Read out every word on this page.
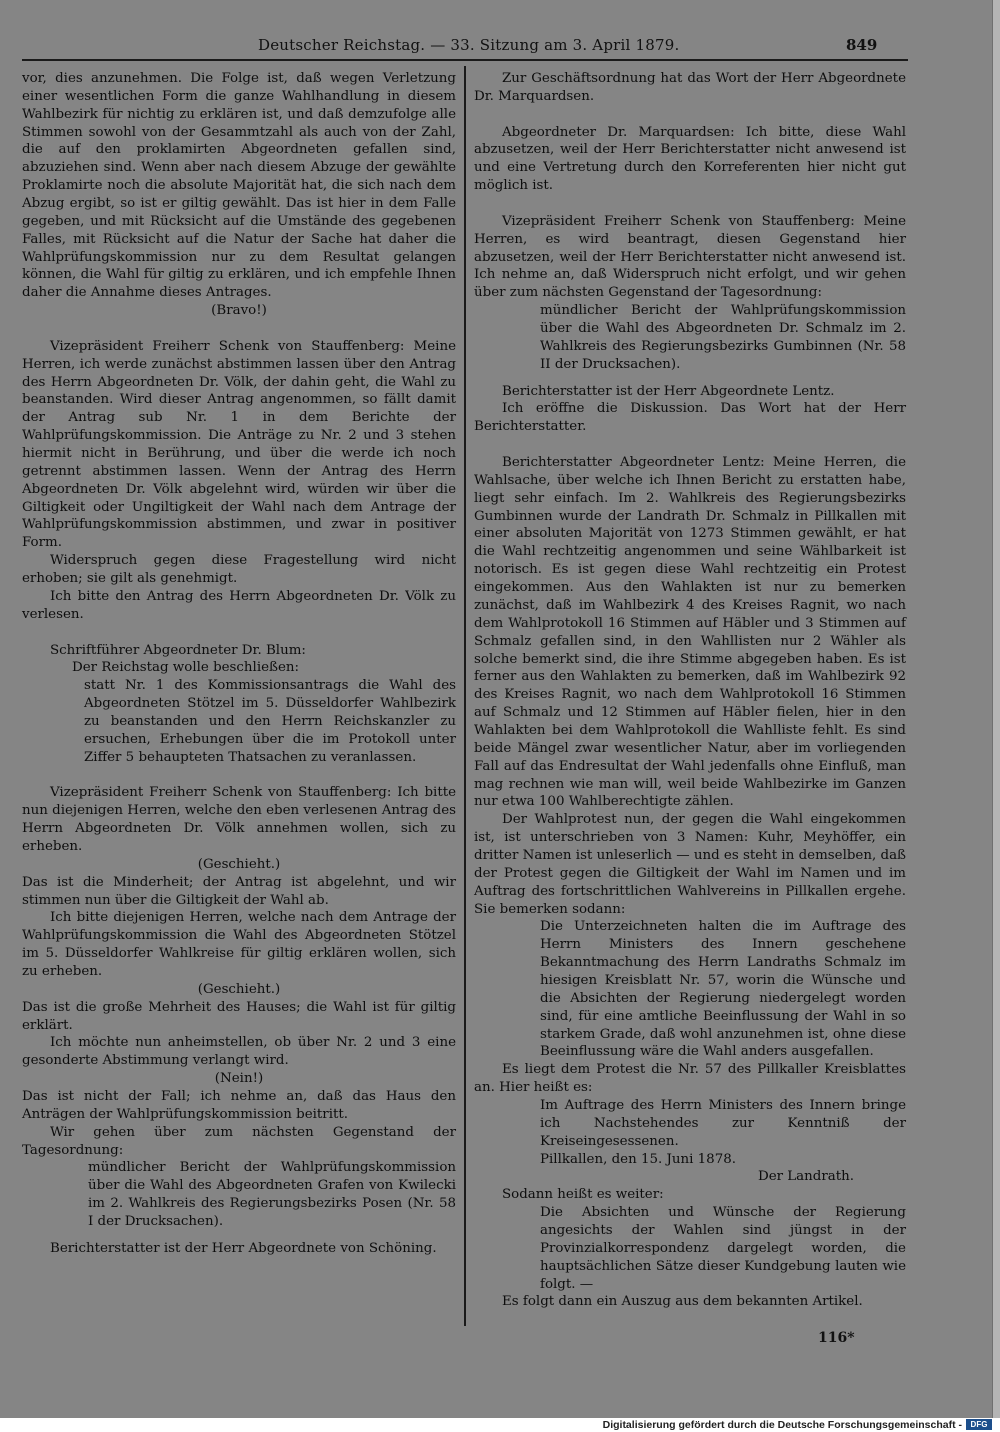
Deutscher Reichstag. — 33. Sitzung am 3. April 1879.	849

vor, dies anzunehmen. Die Folge ist, daß wegen Verletzung einer wesentlichen Form die ganze Wahlhandlung in diesem Wahlbezirk für nichtig zu erklären ist, und daß demzufolge alle Stimmen sowohl von der Gesammtzahl als auch von der Zahl, die auf den proklamirten Abgeordneten gefallen sind, abzuziehen sind. Wenn aber nach diesem Abzuge der gewählte Proklamirte noch die absolute Majorität hat, die sich nach dem Abzug ergibt, so ist er giltig gewählt. Das ist hier in dem Falle gegeben, und mit Rücksicht auf die Umstände des gegebenen Falles, mit Rücksicht auf die Natur der Sache hat daher die Wahlprüfungskommission nur zu dem Resultat gelangen können, die Wahl für giltig zu erklären, und ich empfehle Ihnen daher die Annahme dieses Antrages.

(Bravo!)

Vizepräsident Freiherr Schenk von Stauffenberg: Meine Herren, ich werde zunächst abstimmen lassen über den Antrag des Herrn Abgeordneten Dr. Völk, der dahin geht, die Wahl zu beanstanden. Wird dieser Antrag angenommen, so fällt damit der Antrag sub Nr. 1 in dem Berichte der Wahlprüfungskommission. Die Anträge zu Nr. 2 und 3 stehen hiermit nicht in Berührung, und über die werde ich noch getrennt abstimmen lassen. Wenn der Antrag des Herrn Abgeordneten Dr. Völk abgelehnt wird, würden wir über die Giltigkeit oder Ungiltigkeit der Wahl nach dem Antrage der Wahlprüfungskommission abstimmen, und zwar in positiver Form.

Widerspruch gegen diese Fragestellung wird nicht erhoben; sie gilt als genehmigt.

Ich bitte den Antrag des Herrn Abgeordneten Dr. Völk zu verlesen.

Schriftführer Abgeordneter Dr. Blum:

Der Reichstag wolle beschließen:

statt Nr. 1 des Kommissionsantrags die Wahl des Abgeordneten Stötzel im 5. Düsseldorfer Wahlbezirk zu beanstanden und den Herrn Reichskanzler zu ersuchen, Erhebungen über die im Protokoll unter Ziffer 5 behaupteten Thatsachen zu veranlassen.

Vizepräsident Freiherr Schenk von Stauffenberg: Ich bitte nun diejenigen Herren, welche den eben verlesenen Antrag des Herrn Abgeordneten Dr. Völk annehmen wollen, sich zu erheben.

(Geschieht.)

Das ist die Minderheit; der Antrag ist abgelehnt, und wir stimmen nun über die Giltigkeit der Wahl ab.

Ich bitte diejenigen Herren, welche nach dem Antrage der Wahlprüfungskommission die Wahl des Abgeordneten Stötzel im 5. Düsseldorfer Wahlkreise für giltig erklären wollen, sich zu erheben.

(Geschieht.)

Das ist die große Mehrheit des Hauses; die Wahl ist für giltig erklärt.

Ich möchte nun anheimstellen, ob über Nr. 2 und 3 eine gesonderte Abstimmung verlangt wird.

(Nein!)

Das ist nicht der Fall; ich nehme an, daß das Haus den Anträgen der Wahlprüfungskommission beitritt.

Wir gehen über zum nächsten Gegenstand der Tagesordnung:

mündlicher Bericht der Wahlprüfungskommission über die Wahl des Abgeordneten Grafen von Kwilecki im 2. Wahlkreis des Regierungsbezirks Posen (Nr. 58 I der Drucksachen).

Berichterstatter ist der Herr Abgeordnete von Schöning.

Zur Geschäftsordnung hat das Wort der Herr Abgeordnete Dr. Marquardsen.

Abgeordneter Dr. Marquardsen: Ich bitte, diese Wahl abzusetzen, weil der Herr Berichterstatter nicht anwesend ist und eine Vertretung durch den Korreferenten hier nicht gut möglich ist.

Vizepräsident Freiherr Schenk von Stauffenberg: Meine Herren, es wird beantragt, diesen Gegenstand hier abzusetzen, weil der Herr Berichterstatter nicht anwesend ist. Ich nehme an, daß Widerspruch nicht erfolgt, und wir gehen über zum nächsten Gegenstand der Tagesordnung:

mündlicher Bericht der Wahlprüfungskommission über die Wahl des Abgeordneten Dr. Schmalz im 2. Wahlkreis des Regierungsbezirks Gumbinnen (Nr. 58 II der Drucksachen).

Berichterstatter ist der Herr Abgeordnete Lentz.

Ich eröffne die Diskussion. Das Wort hat der Herr Berichterstatter.

Berichterstatter Abgeordneter Lentz: Meine Herren, die Wahlsache, über welche ich Ihnen Bericht zu erstatten habe, liegt sehr einfach. Im 2. Wahlkreis des Regierungsbezirks Gumbinnen wurde der Landrath Dr. Schmalz in Pillkallen mit einer absoluten Majorität von 1273 Stimmen gewählt, er hat die Wahl rechtzeitig angenommen und seine Wählbarkeit ist notorisch. Es ist gegen diese Wahl rechtzeitig ein Protest eingekommen. Aus den Wahlakten ist nur zu bemerken zunächst, daß im Wahlbezirk 4 des Kreises Ragnit, wo nach dem Wahlprotokoll 16 Stimmen auf Häbler und 3 Stimmen auf Schmalz gefallen sind, in den Wahllisten nur 2 Wähler als solche bemerkt sind, die ihre Stimme abgegeben haben. Es ist ferner aus den Wahlakten zu bemerken, daß im Wahlbezirk 92 des Kreises Ragnit, wo nach dem Wahlprotokoll 16 Stimmen auf Schmalz und 12 Stimmen auf Häbler fielen, hier in den Wahlakten bei dem Wahlprotokoll die Wahlliste fehlt. Es sind beide Mängel zwar wesentlicher Natur, aber im vorliegenden Fall auf das Endresultat der Wahl jedenfalls ohne Einfluß, man mag rechnen wie man will, weil beide Wahlbezirke im Ganzen nur etwa 100 Wahlberechtigte zählen.

Der Wahlprotest nun, der gegen die Wahl eingekommen ist, ist unterschrieben von 3 Namen: Kuhr, Meyhöffer, ein dritter Namen ist unleserlich — und es steht in demselben, daß der Protest gegen die Giltigkeit der Wahl im Namen und im Auftrag des fortschrittlichen Wahlvereins in Pillkallen ergehe. Sie bemerken sodann:

Die Unterzeichneten halten die im Auftrage des Herrn Ministers des Innern geschehene Bekanntmachung des Herrn Landraths Schmalz im hiesigen Kreisblatt Nr. 57, worin die Wünsche und die Absichten der Regierung niedergelegt worden sind, für eine amtliche Beeinflussung der Wahl in so starkem Grade, daß wohl anzunehmen ist, ohne diese Beeinflussung wäre die Wahl anders ausgefallen.

Es liegt dem Protest die Nr. 57 des Pillkaller Kreisblattes an. Hier heißt es:

Im Auftrage des Herrn Ministers des Innern bringe ich Nachstehendes zur Kenntniß der Kreiseingesessenen.

Pillkallen, den 15. Juni 1878.

Der Landrath.

Sodann heißt es weiter:

Die Absichten und Wünsche der Regierung angesichts der Wahlen sind jüngst in der Provinzialkorrespondenz dargelegt worden, die hauptsächlichen Sätze dieser Kundgebung lauten wie folgt. —

Es folgt dann ein Auszug aus dem bekannten Artikel.

116*
Digitalisierung gefördert durch die Deutsche Forschungsgemeinschaft -	DFG
